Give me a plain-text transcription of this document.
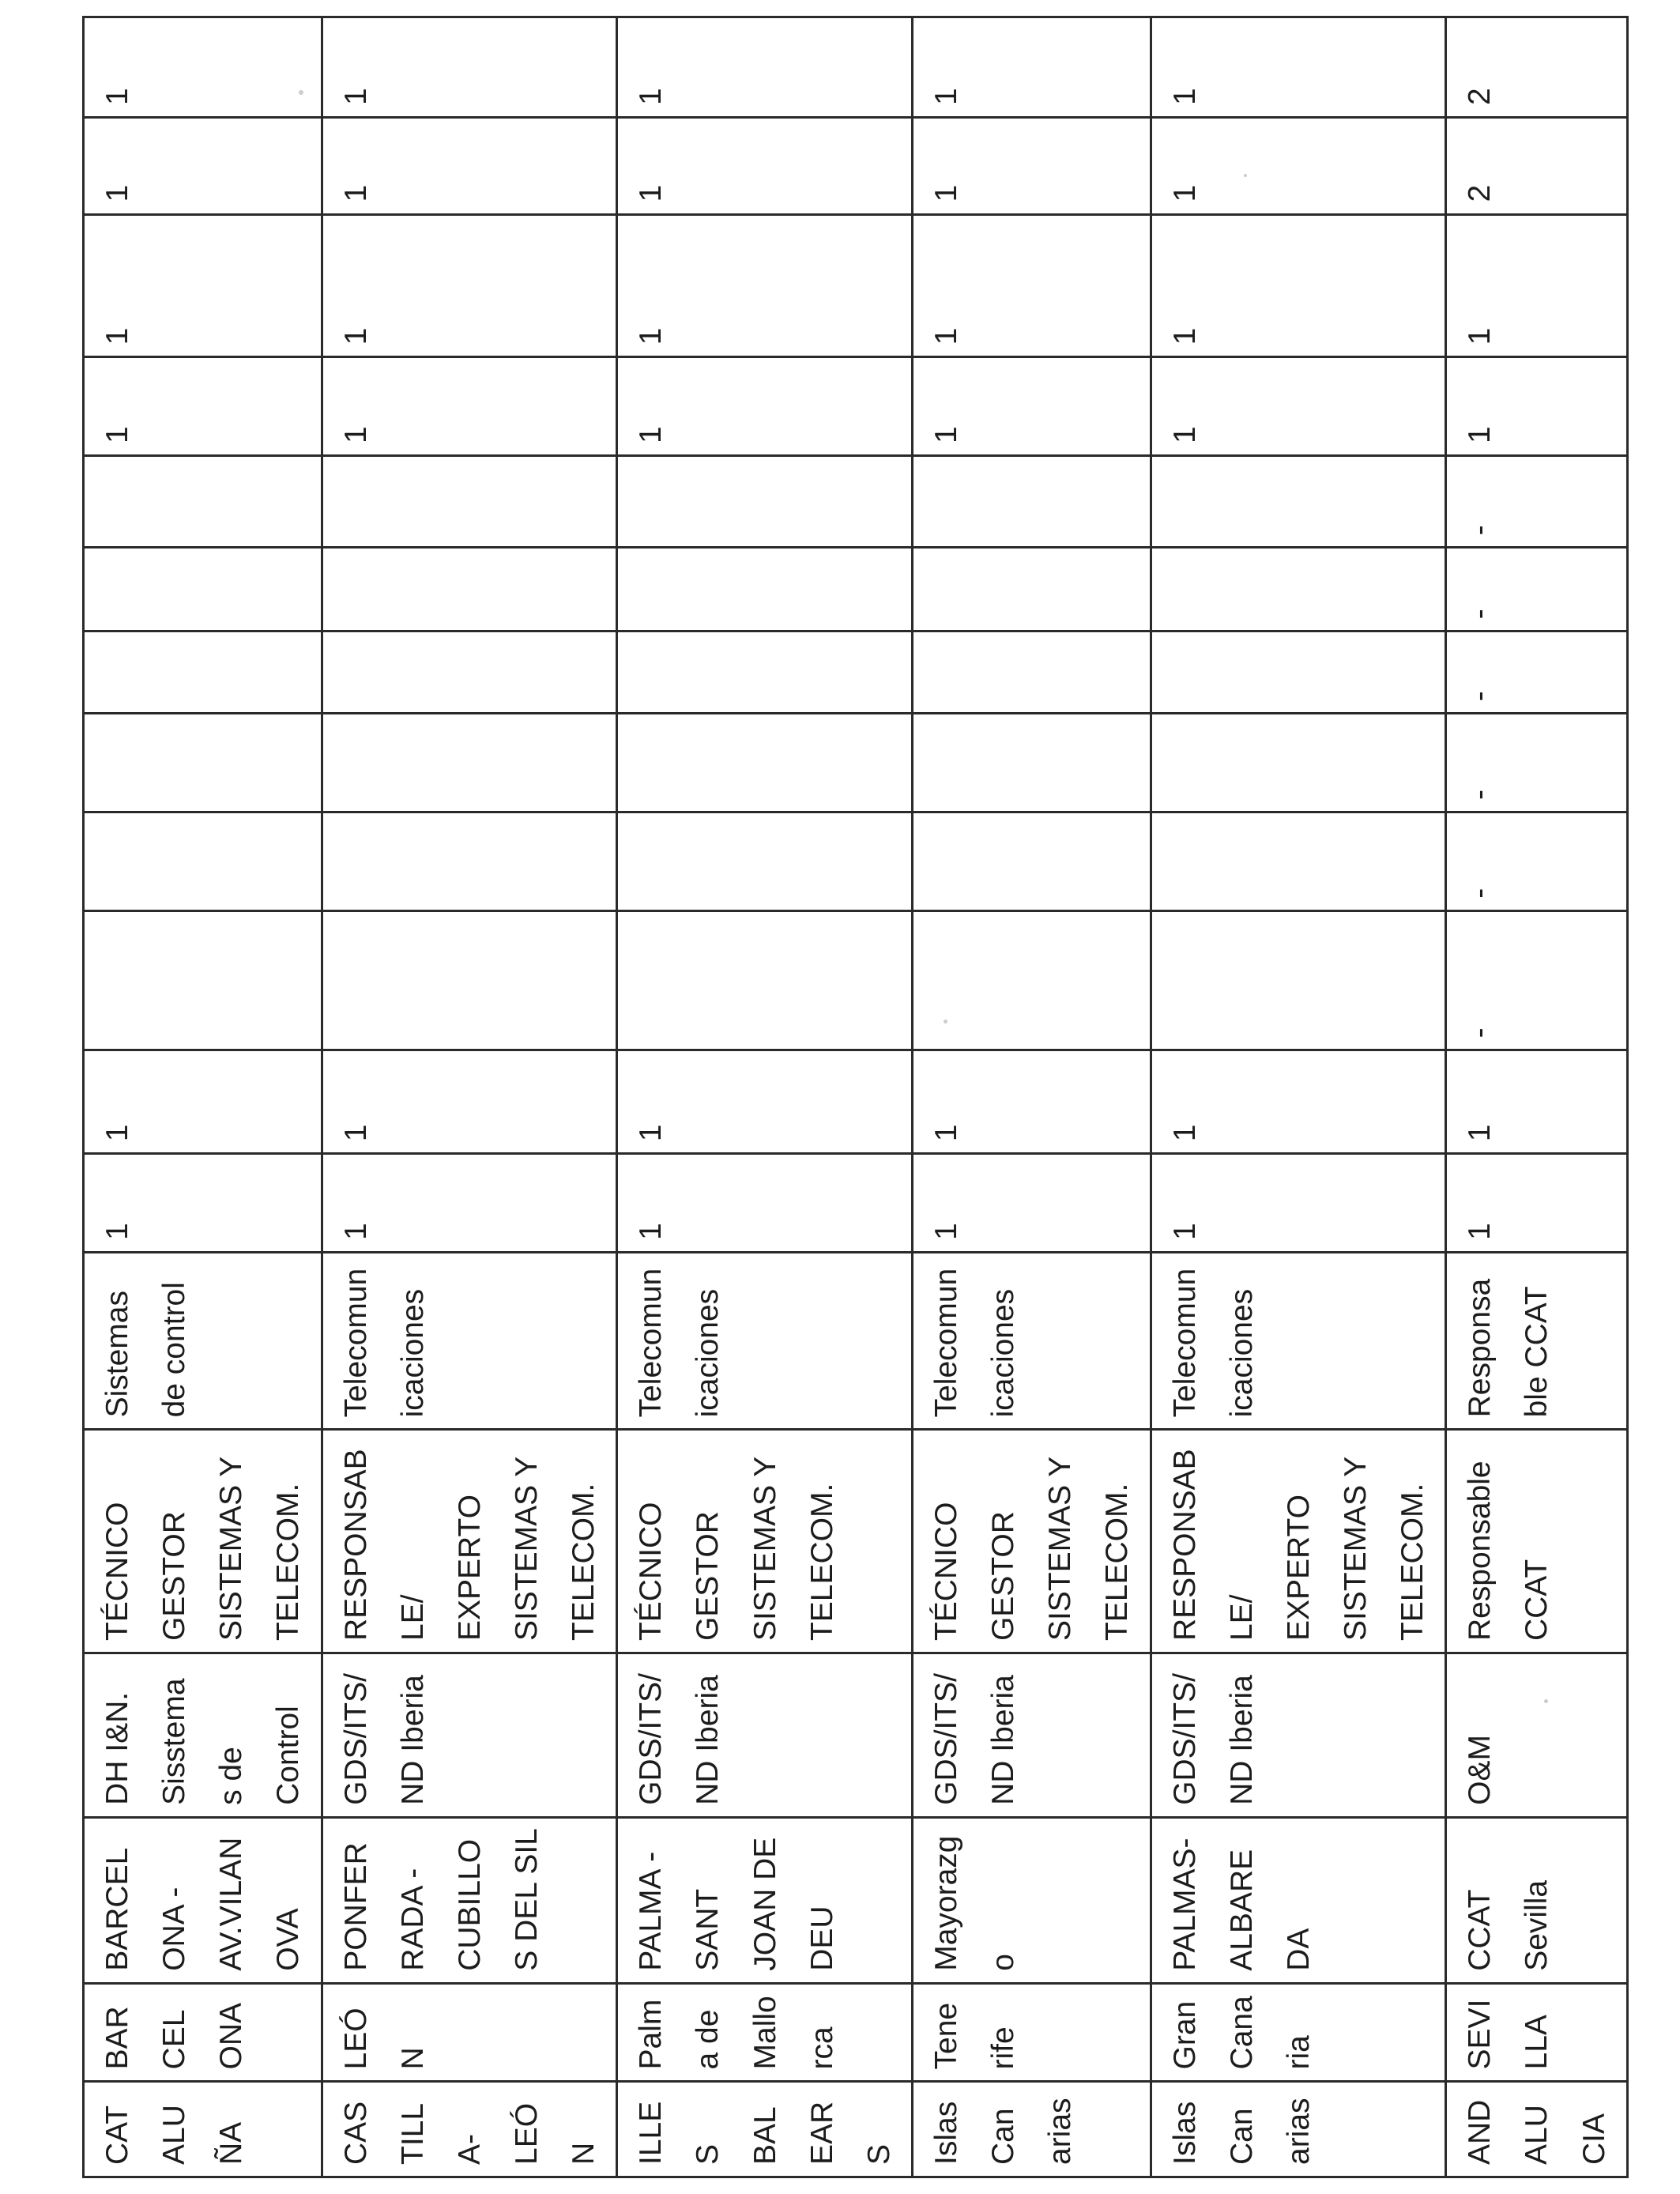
CATALUÑA	BARCELONA	BARCELONA - AV.VILANOVA	DH I&N. Sisstemas de Control	TÉCNICO GESTOR SISTEMAS Y TELECOM.	Sistemas de control	1	1							1	1	1	1

CASTILLA-LEÓN	LEÓN	PONFERRADA - CUBILLOS DEL SIL	GDS/ITS/ND Iberia	RESPONSABLE/ EXPERTO SISTEMAS Y TELECOM.	Telecomunicaciones	1	1							1	1	1	1

ILLES BALEARS	Palma de Mallorca	PALMA - SANT JOAN DE DEU	GDS/ITS/ND Iberia	TÉCNICO GESTOR SISTEMAS Y TELECOM.	Telecomunicaciones	1	1							1	1	1	1

Islas Canarias	Tenerife	Mayorazgo	GDS/ITS/ND Iberia	TÉCNICO GESTOR SISTEMAS Y TELECOM.	Telecomunicaciones	1	1							1	1	1	1

Islas Canarias	Gran Canaria	PALMAS- ALBAREDA	GDS/ITS/ND Iberia	RESPONSABLE/ EXPERTO SISTEMAS Y TELECOM.	Telecomunicaciones	1	1							1	1	1	1

ANDALUCIA	SEVILLA	CCAT Sevilla	O&M	Responsable CCAT	Responsable CCAT	1	1	-	-	-	-	-	-	1	1	2	2
